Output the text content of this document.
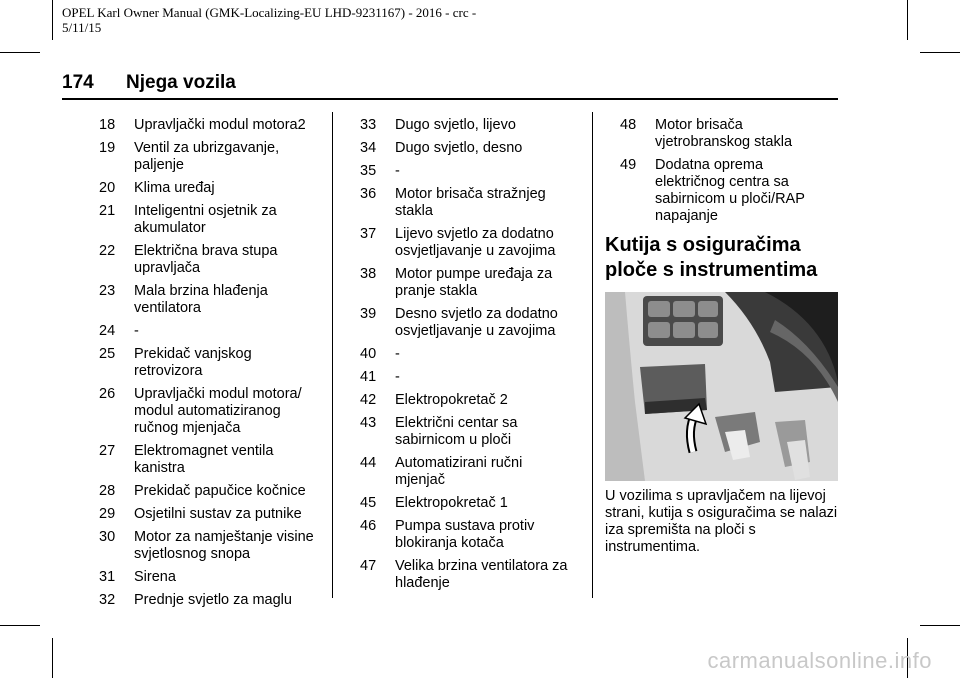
OPEL Karl Owner Manual (GMK-Localizing-EU LHD-9231167) - 2016 - crc - 5/11/15
174 Njega vozila
18	Upravljački modul motora2
19	Ventil za ubrizgavanje, paljenje
20	Klima uređaj
21	Inteligentni osjetnik za akumulator
22	Električna brava stupa upravljača
23	Mala brzina hlađenja ventilatora
24	-
25	Prekidač vanjskog retrovizora
26	Upravljački modul motora/ modul automatiziranog ručnog mjenjača
27	Elektromagnet ventila kanistra
28	Prekidač papučice kočnice
29	Osjetilni sustav za putnike
30	Motor za namještanje visine svjetlosnog snopa
31	Sirena
32	Prednje svjetlo za maglu
33	Dugo svjetlo, lijevo
34	Dugo svjetlo, desno
35	-
36	Motor brisača stražnjeg stakla
37	Lijevo svjetlo za dodatno osvjetljavanje u zavojima
38	Motor pumpe uređaja za pranje stakla
39	Desno svjetlo za dodatno osvjetljavanje u zavojima
40	-
41	-
42	Elektropokretač 2
43	Električni centar sa sabirnicom u ploči
44	Automatizirani ručni mjenjač
45	Elektropokretač 1
46	Pumpa sustava protiv blokiranja kotača
47	Velika brzina ventilatora za hlađenje
48	Motor brisača vjetrobranskog stakla
49	Dodatna oprema električnog centra sa sabirnicom u ploči/RAP napajanje
Kutija s osiguračima ploče s instrumentima
U vozilima s upravljačem na lijevoj strani, kutija s osiguračima se nalazi iza spremišta na ploči s instrumentima.
carmanualsonline.info
